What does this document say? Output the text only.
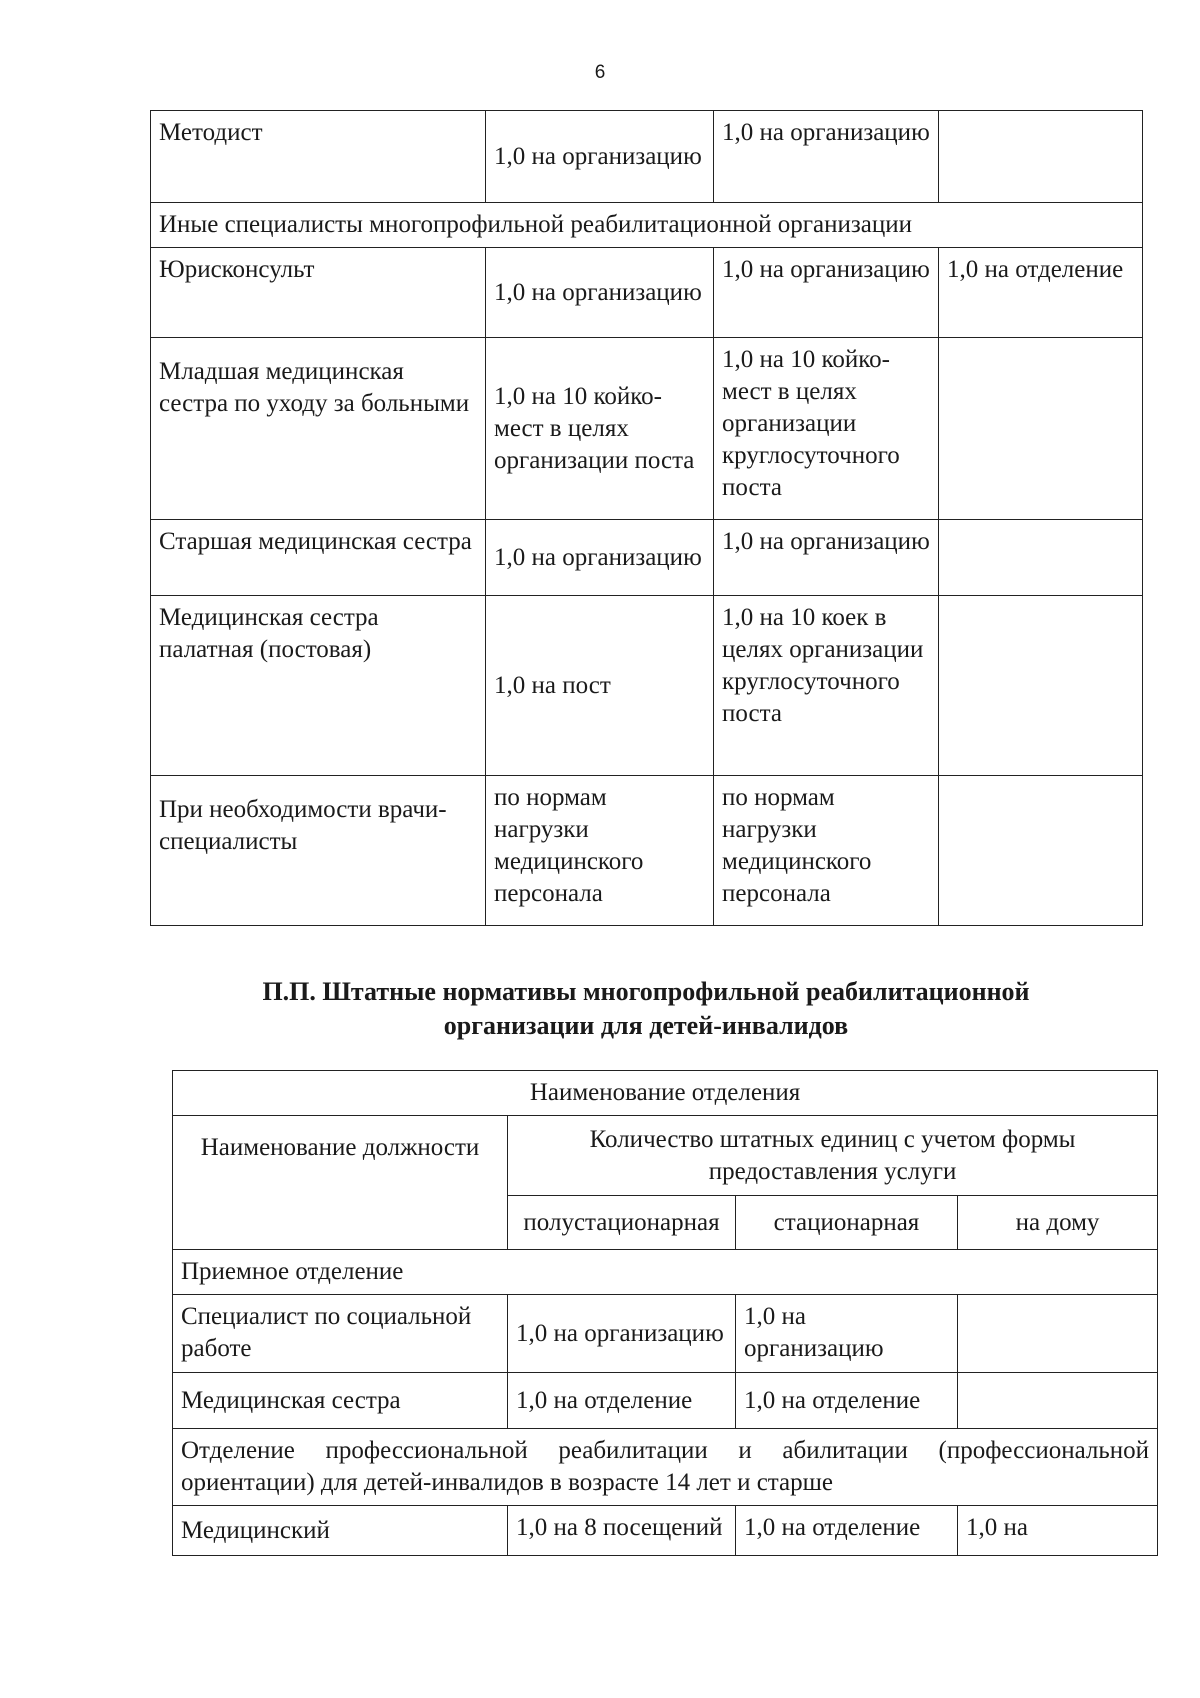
6
Методист	1,0 на организацию	1,0 на организацию	
Иные специалисты многопрофильной реабилитационной организации			
Юрисконсульт	1,0 на организацию	1,0 на организацию	1,0 на отделение
Младшая медицинская сестра по уходу за больными	1,0 на 10 койко-мест в целях организации поста	1,0 на 10 койко-мест в целях организации круглосуточного поста	
Старшая медицинская сестра	1,0 на организацию	1,0 на организацию	
Медицинская сестра палатная (постовая)	1,0 на пост	1,0 на 10 коек в целях организации круглосуточного поста	
При необходимости врачи-специалисты	по нормам нагрузки медицинского персонала	по нормам нагрузки медицинского персонала	
П.П. Штатные нормативы многопрофильной реабилитационной
организации для детей-инвалидов
Наименование отделения			
Наименование должности	Количество штатных единиц с учетом формы предоставления услуги		
	полустационарная	стационарная	на дому
Приемное отделение			
Специалист по социальной работе	1,0 на организацию	1,0 на организацию	
Медицинская сестра	1,0 на отделение	1,0 на отделение	
Отделение профессиональной реабилитации и абилитации (профессиональной ориентации) для детей-инвалидов в возрасте 14 лет и старше			
Медицинский	1,0 на 8 посещений	1,0 на отделение	1,0 на
